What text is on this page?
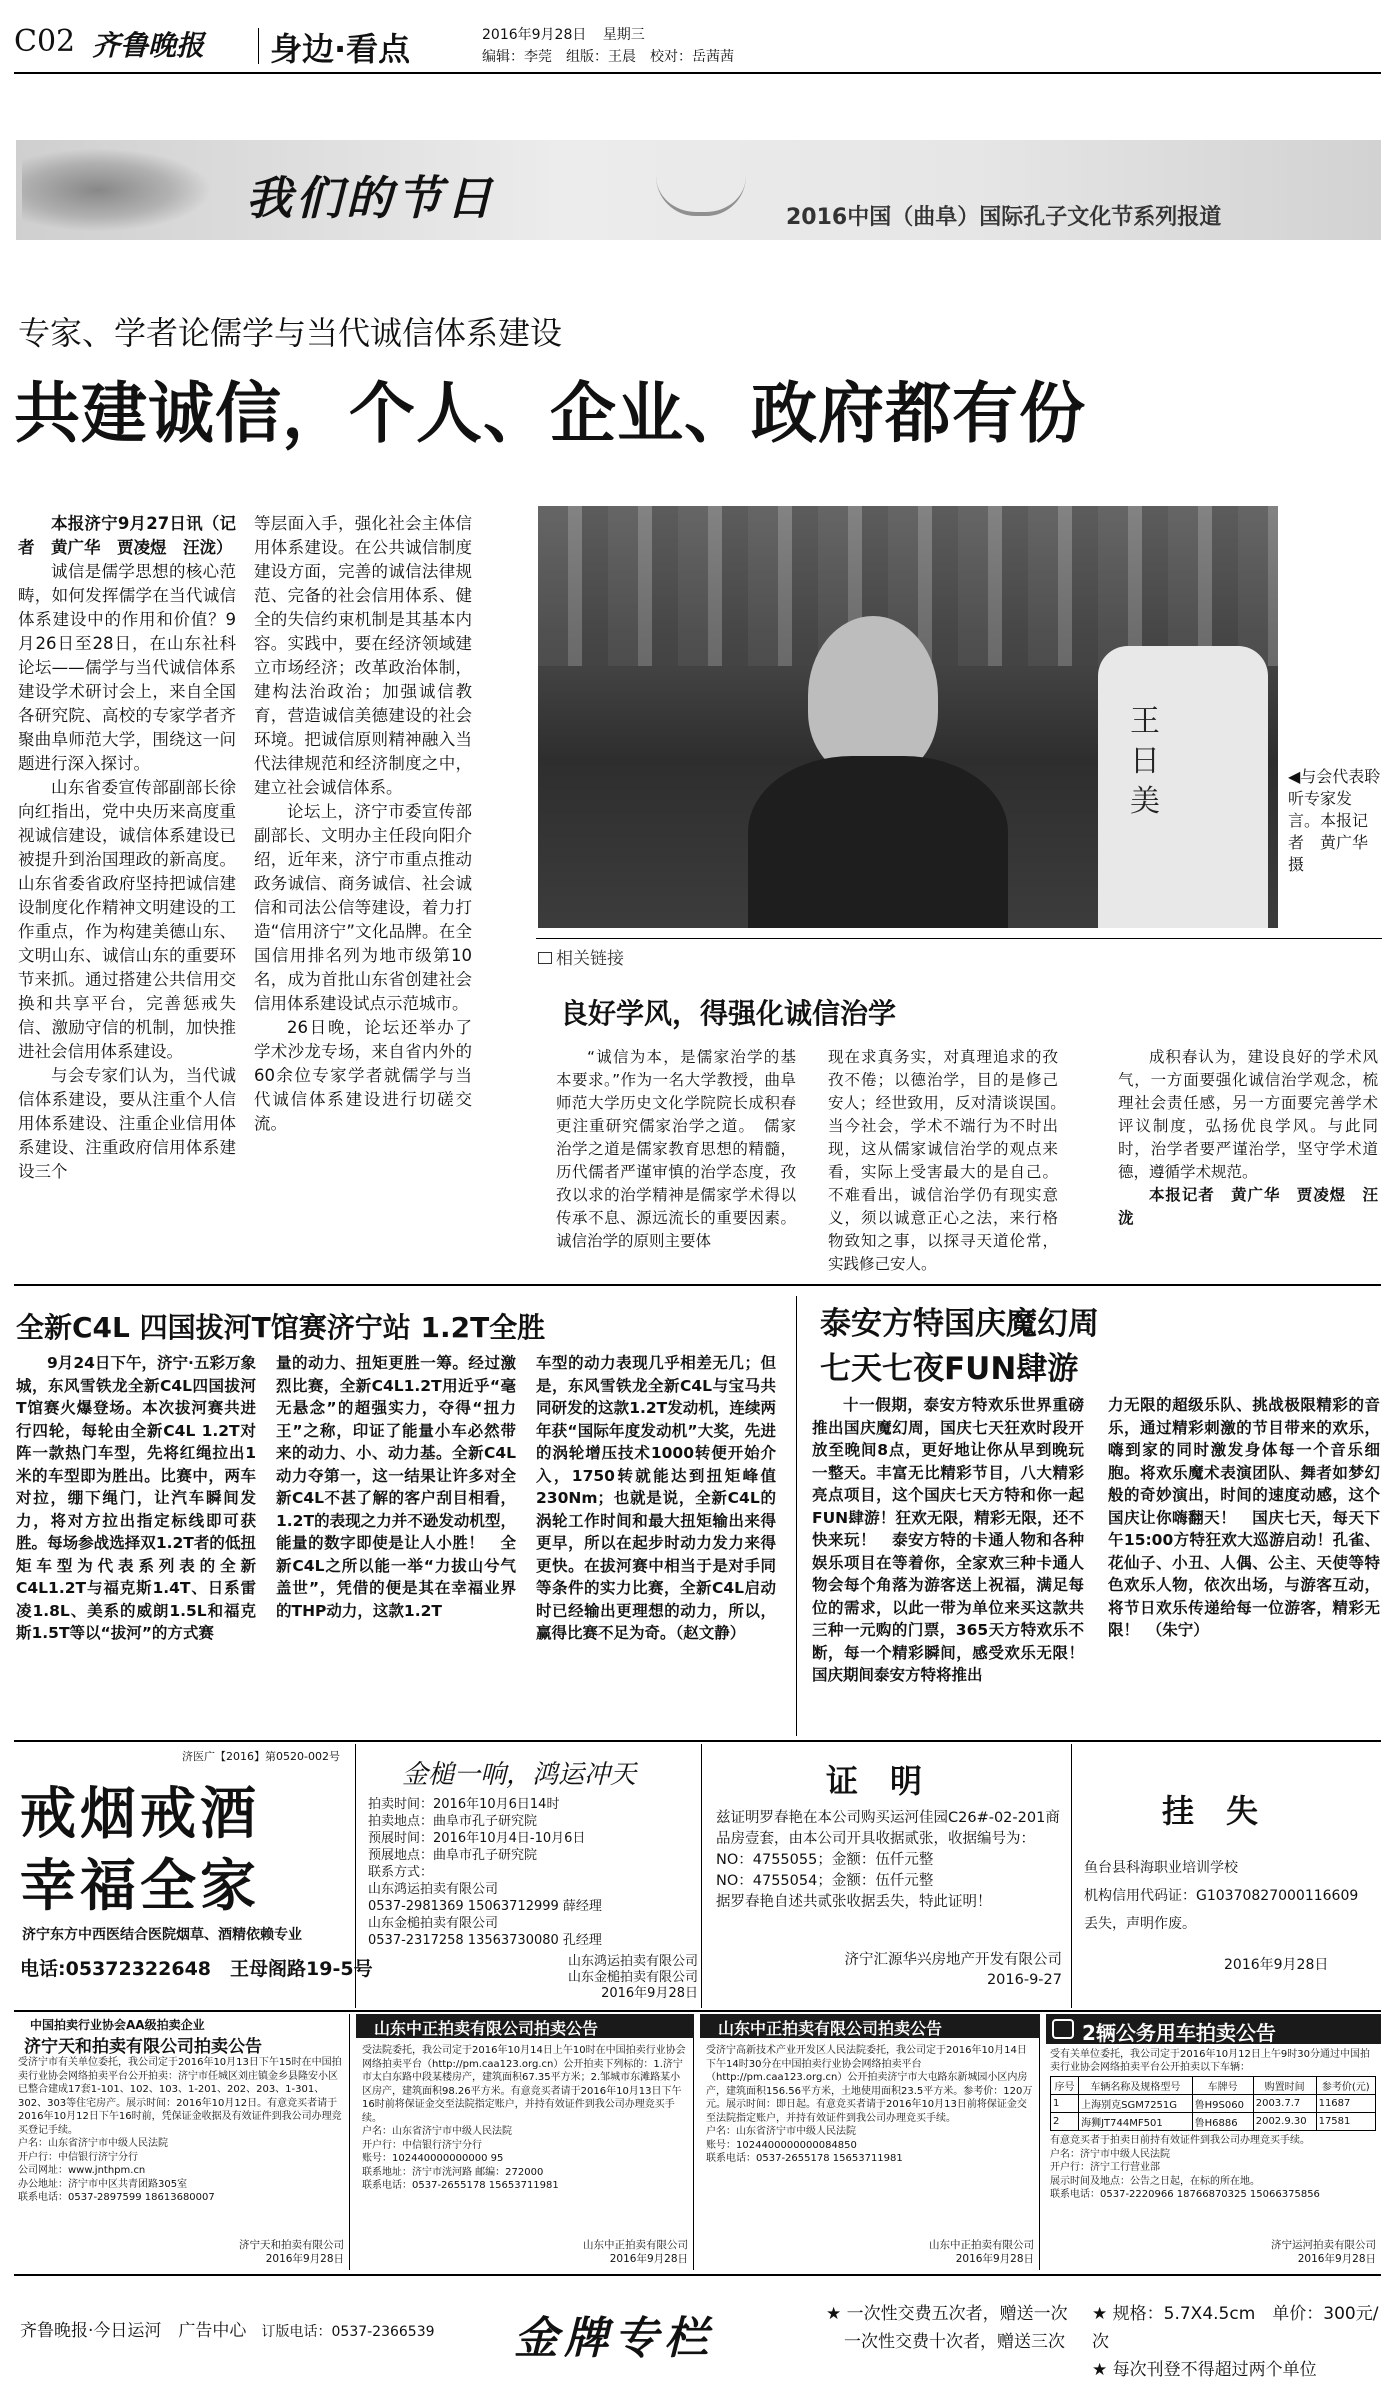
C02 齐鲁晚报 身边·看点	2016年9月28日 星期三
编辑：李莞　组版：王晨　校对：岳茜茜
我们的节日	2016中国（曲阜）国际孔子文化节系列报道
专家、学者论儒学与当代诚信体系建设
共建诚信，个人、企业、政府都有份
本报济宁9月27日讯（记者　黄广华　贾凌煜　汪泷）
诚信是儒学思想的核心范畴，如何发挥儒学在当代诚信体系建设中的作用和价值？9月26日至28日，在山东社科论坛——儒学与当代诚信体系建设学术研讨会上，来自全国各研究院、高校的专家学者齐聚曲阜师范大学，围绕这一问题进行深入探讨。
山东省委宣传部副部长徐向红指出，党中央历来高度重视诚信建设，诚信体系建设已被提升到治国理政的新高度。山东省委省政府坚持把诚信建设制度化作精神文明建设的工作重点，作为构建美德山东、文明山东、诚信山东的重要环节来抓。通过搭建公共信用交换和共享平台，完善惩戒失信、激励守信的机制，加快推进社会信用体系建设。
与会专家们认为，当代诚信体系建设，要从注重个人信用体系建设、注重企业信用体系建设、注重政府信用体系建设三个
等层面入手，强化社会主体信用体系建设。在公共诚信制度建设方面，完善的诚信法律规范、完备的社会信用体系、健全的失信约束机制是其基本内容。实践中，要在经济领域建立市场经济；改革政治体制，建构法治政治；加强诚信教育，营造诚信美德建设的社会环境。把诚信原则精神融入当代法律规范和经济制度之中，建立社会诚信体系。
论坛上，济宁市委宣传部副部长、文明办主任段向阳介绍，近年来，济宁市重点推动政务诚信、商务诚信、社会诚信和司法公信等建设，着力打造“信用济宁”文化品牌。在全国信用排名列为地市级第10名，成为首批山东省创建社会信用体系建设试点示范城市。
26日晚，论坛还举办了学术沙龙专场，来自省内外的60余位专家学者就儒学与当代诚信体系建设进行切磋交流。
王日美
◀与会代表聆听专家发言。本报记者　黄广华　摄
相关链接
良好学风，得强化诚信治学
“诚信为本，是儒家治学的基本要求。”作为一名大学教授，曲阜师范大学历史文化学院院长成积春更注重研究儒家治学之道。　儒家治学之道是儒家教育思想的精髓，历代儒者严谨审慎的治学态度，孜孜以求的治学精神是儒家学术得以传承不息、源远流长的重要因素。诚信治学的原则主要体
现在求真务实，对真理追求的孜孜不倦；以德治学，目的是修己安人；经世致用，反对清谈误国。　当今社会，学术不端行为不时出现，这从儒家诚信治学的观点来看，实际上受害最大的是自己。不难看出，诚信治学仍有现实意义，须以诚意正心之法，来行格物致知之事，以探寻天道伦常，实践修己安人。
成积春认为，建设良好的学术风气，一方面要强化诚信治学观念，梳理社会责任感，另一方面要完善学术评议制度，弘扬优良学风。与此同时，治学者要严谨治学，坚守学术道德，遵循学术规范。
本报记者　黄广华　贾凌煜　汪泷
全新C4L 四国拔河T馆赛济宁站 1.2T全胜
9月24日下午，济宁·五彩万象城，东风雪铁龙全新C4L四国拔河T馆赛火爆登场。本次拔河赛共进行四轮，每轮由全新C4L 1.2T对阵一款热门车型，先将红绳拉出1米的车型即为胜出。比赛中，两车对拉，绷下绳门，让汽车瞬间发力，将对方拉出指定标线即可获胜。每场参战选择双1.2T者的低扭矩车型为代表系列表的全新C4L1.2T与福克斯1.4T、日系雷凌1.8L、美系的威朗1.5L和福克斯1.5T等以“拔河”的方式赛
量的动力、扭矩更胜一筹。经过激烈比赛，全新C4L1.2T用近乎“毫无悬念”的超强实力，夺得“扭力王”之称，印证了能量小车必然带来的动力、小、动力基。全新C4L动力夺第一，这一结果让许多对全新C4L不甚了解的客户刮目相看，1.2T的表现之力并不逊发动机型，能量的数字即使是让人小胜！　全新C4L之所以能一举“力拔山兮气盖世”，凭借的便是其在幸福业界的THP动力，这款1.2T
车型的动力表现几乎相差无几；但是，东风雪铁龙全新C4L与宝马共同研发的这款1.2T发动机，连续两年获“国际年度发动机”大奖，先进的涡轮增压技术1000转便开始介入，1750转就能达到扭矩峰值230Nm；也就是说，全新C4L的涡轮工作时间和最大扭矩输出来得更早，所以在起步时动力发力来得更快。在拔河赛中相当于是对手同等条件的实力比赛，全新C4L启动时已经输出更理想的动力，所以，赢得比赛不足为奇。（赵文静）
泰安方特国庆魔幻周
七天七夜FUN肆游
十一假期，泰安方特欢乐世界重磅推出国庆魔幻周，国庆七天狂欢时段开放至晚间8点，更好地让你从早到晚玩一整天。丰富无比精彩节目，八大精彩亮点项目，这个国庆七天方特和你一起FUN肆游！狂欢无限，精彩无限，还不快来玩！　泰安方特的卡通人物和各种娱乐项目在等着你，全家欢三种卡通人物会每个角落为游客送上祝福，满足每位的需求，以此一带为单位来买这款共三种一元购的门票，365天方特欢乐不断，每一个精彩瞬间，感受欢乐无限！　国庆期间泰安方特将推出
力无限的超级乐队、挑战极限精彩的音乐，通过精彩刺激的节目带来的欢乐，嗨到家的同时激发身体每一个音乐细胞。将欢乐魔术表演团队、舞者如梦幻般的奇妙演出，时间的速度动感，这个国庆让你嗨翻天！　国庆七天，每天下午15:00方特狂欢大巡游启动！孔雀、花仙子、小丑、人偶、公主、天使等特色欢乐人物，依次出场，与游客互动，将节日欢乐传递给每一位游客，精彩无限！　（朱宁）
济医广【2016】第0520-002号
戒烟戒酒
幸福全家
济宁东方中西医结合医院烟草、酒精依赖专业
电话:05372322648　王母阁路19-5号
金槌一响，鸿运冲天
拍卖时间：2016年10月6日14时
拍卖地点：曲阜市孔子研究院
预展时间：2016年10月4日-10月6日
预展地点：曲阜市孔子研究院
联系方式：
山东鸿运拍卖有限公司
0537-2981369 15063712999 薛经理
山东金槌拍卖有限公司
0537-2317258 13563730080 孔经理
山东鸿运拍卖有限公司
山东金槌拍卖有限公司
2016年9月28日
证　明
兹证明罗春艳在本公司购买运河佳园C26#-02-201商品房壹套，由本公司开具收据贰张，收据编号为：
NO：4755055；金额：伍仟元整
NO：4755054；金额：伍仟元整
据罗春艳自述共贰张收据丢失，特此证明！
济宁汇源华兴房地产开发有限公司
2016-9-27
挂　失
鱼台县科海职业培训学校
机构信用代码证：G10370827000116609
丢失，声明作废。
2016年9月28日
中国拍卖行业协会AA级拍卖企业
济宁天和拍卖有限公司拍卖公告
受济宁市有关单位委托，我公司定于2016年10月13日下午15时在中国拍卖行业协会网络拍卖平台公开拍卖：济宁市任城区刘庄镇金乡县隆安小区已整合建成17套1-101、102、103、1-201、202、203、1-301、302、303等住宅房产。展示时间：2016年10月12日。有意竞买者请于2016年10月12日下午16时前，凭保证金收据及有效证件到我公司办理竞买登记手续。
户名：山东省济宁市中级人民法院
开户行：中信银行济宁分行
公司网址：www.jnthpm.cn
办公地址：济宁市中区共青团路305室
联系电话：0537-2897599 18613680007
济宁天和拍卖有限公司
2016年9月28日
山东中正拍卖有限公司拍卖公告
受法院委托，我公司定于2016年10月14日上午10时在中国拍卖行业协会网络拍卖平台（http://pm.caa123.org.cn）公开拍卖下列标的：1.济宁市太白东路中段某楼房产，建筑面积67.35平方米；2.邹城市东滩路某小区房产，建筑面积98.26平方米。有意竞买者请于2016年10月13日下午16时前将保证金交至法院指定账户，并持有效证件到我公司办理竞买手续。
户名：山东省济宁市中级人民法院
开户行：中信银行济宁分行
账号：102440000000000 95
联系地址：济宁市洸河路 邮编：272000
联系电话：0537-2655178 15653711981
山东中正拍卖有限公司
2016年9月28日
山东中正拍卖有限公司拍卖公告
受济宁高新技术产业开发区人民法院委托，我公司定于2016年10月14日下午14时30分在中国拍卖行业协会网络拍卖平台（http://pm.caa123.org.cn）公开拍卖济宁市大屯路东新城园小区内房产，建筑面积156.56平方米，土地使用面积23.5平方米。参考价：120万元。展示时间：即日起。有意竞买者请于2016年10月13日前将保证金交至法院指定账户，并持有效证件到我公司办理竞买手续。
户名：山东省济宁市中级人民法院
账号：1024400000000084850
联系电话：0537-2655178 15653711981
山东中正拍卖有限公司
2016年9月28日
2辆公务用车拍卖公告
受有关单位委托，我公司定于2016年10月12日上午9时30分通过中国拍卖行业协会网络拍卖平台公开拍卖以下车辆：
序号	车辆名称及规格型号	车牌号	购置时间	参考价(元)
1	上海别克SGM7251G	鲁H9S060	2003.7.7	11687
2	海狮JT744MF501	鲁H6886	2002.9.30	17581
有意竞买者于拍卖日前持有效证件到我公司办理竞买手续。
户名：济宁市中级人民法院
开户行：济宁工行营业部
展示时间及地点：公告之日起，在标的所在地。
联系电话：0537-2220966 18766870325 15066375856
济宁运河拍卖有限公司
2016年9月28日
齐鲁晚报·今日运河　广告中心 订版电话：0537-2366539 金牌专栏	★ 一次性交费五次者，赠送一次
一次性交费十次者，赠送三次
★ 规格：5.7X4.5cm　单价：300元/次
★ 每次刊登不得超过两个单位
